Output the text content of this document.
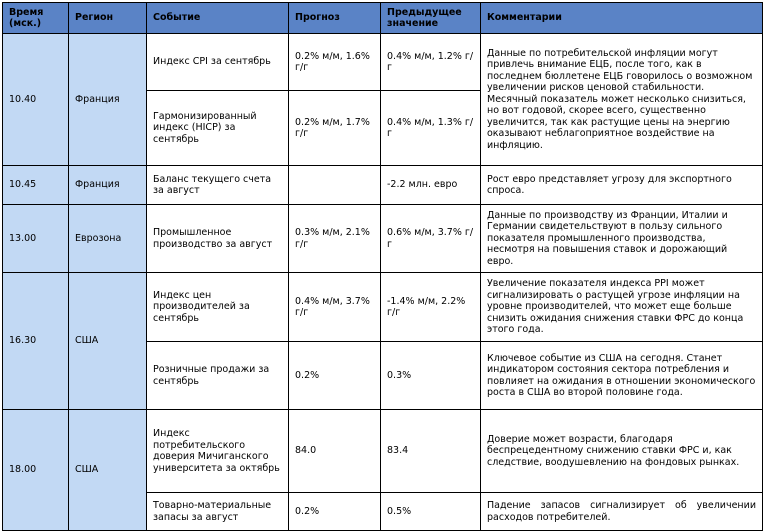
Время (мск.)	Регион	Событие	Прогноз	Предыдущее значение	Комментарии
10.40	Франция	Индекс CPI за сентябрь	0.2% м/м, 1.6% г/г	0.4% м/м, 1.2% г/г	Данные по потребительской инфляции могут привлечь внимание ЕЦБ, после того, как в последнем бюллетене ЕЦБ говорилось о возможном увеличении рисков ценовой стабильности. Месячный показатель может несколько снизиться, но вот годовой, скорее всего, существенно увеличится, так как растущие цены на энергию оказывают неблагоприятное воздействие на инфляцию.
		Гармонизированный индекс (HICP) за сентябрь	0.2% м/м, 1.7% г/г	0.4% м/м, 1.3% г/г	
10.45	Франция	Баланс текущего счета за август		-2.2 млн. евро	Рост евро представляет угрозу для экспортного спроса.
13.00	Еврозона	Промышленное производство за август	0.3% м/м, 2.1% г/г	0.6% м/м, 3.7% г/г	Данные по производству из Франции, Италии и Германии свидетельствуют в пользу сильного показателя промышленного производства, несмотря на повышения ставок и дорожающий евро.
16.30	США	Индекс цен производителей за сентябрь	0.4% м/м, 3.7% г/г	-1.4% м/м, 2.2% г/г	Увеличение показателя индекса PPI может сигнализировать о растущей угрозе инфляции на уровне производителей, что может еще больше снизить ожидания снижения ставки ФРС до конца этого года.
		Розничные продажи за сентябрь	0.2%	0.3%	Ключевое событие из США на сегодня. Станет индикатором состояния сектора потребления и повлияет на ожидания в отношении экономического роста в США во второй половине года.
18.00	США	Индекс потребительского доверия Мичиганского университета за октябрь	84.0	83.4	Доверие может возрасти, благодаря беспрецедентному снижению ставки ФРС и, как следствие, воодушевлению на фондовых рынках.
		Товарно-материальные запасы за август	0.2%	0.5%	Падение запасов сигнализирует об увеличении расходов потребителей.
